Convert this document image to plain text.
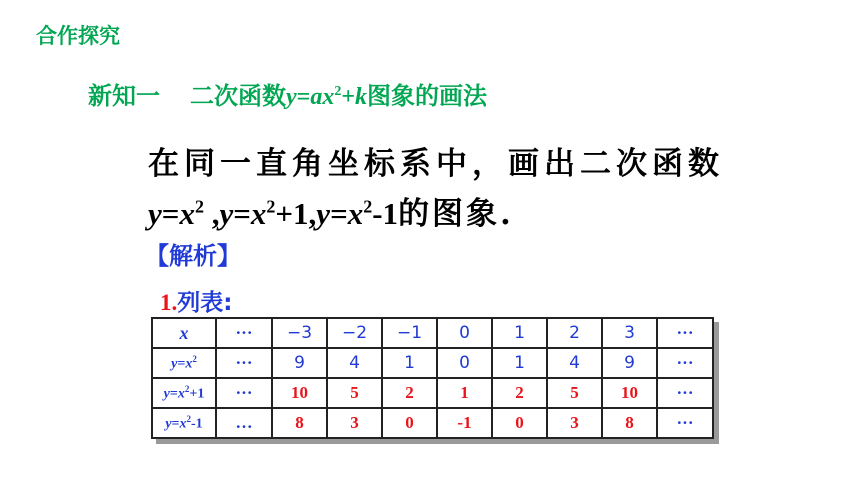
合作探究
新知一 二次函数$y=ax^2+k$图象的画法
在同一直角坐标系中，画出二次函数
$y=x^2$ $,y=x^2+1,y=x^2-1$的图象.
【解析】
1.列表:
x	···	−3	−2	−1	0	1	2	3	···
$y=x^2$	···	9	4	1	0	1	4	9	···
$y=x^2+1$	···	10	5	2	1	2	5	10	···
$y=x^2-1$	…	8	3	0	-1	0	3	8	···
